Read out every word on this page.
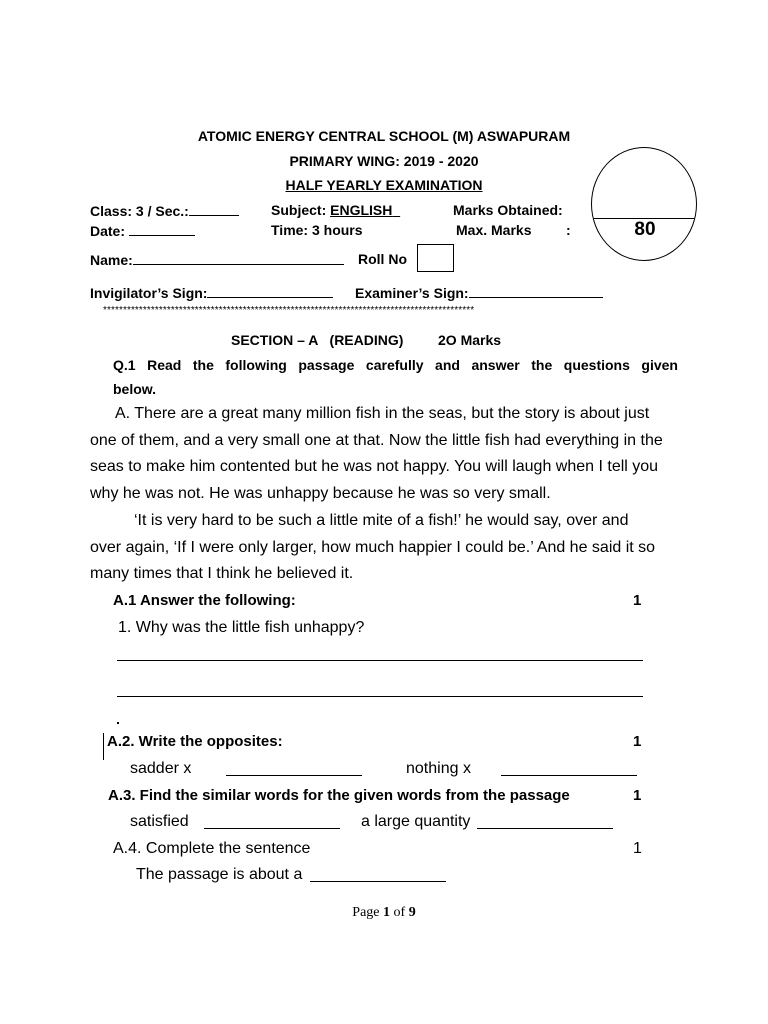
ATOMIC ENERGY CENTRAL SCHOOL (M) ASWAPURAM
PRIMARY WING: 2019 - 2020
HALF YEARLY EXAMINATION
80
Class: 3 / Sec.:	Subject: ENGLISH	Marks Obtained:
Date:	Time: 3 hours	Max. Marks :
Name:	Roll No
Invigilator’s Sign:	Examiner’s Sign:
*********************************************************************************************
SECTION – A   (READING) 2O Marks
Q.1 Read the following passage carefully and answer the questions given
below.
A. There are a great many million fish in the seas, but the story is about just
one of them, and a very small one at that. Now the little fish had everything in the
seas to make him contented but he was not happy. You will laugh when I tell you
why he was not. He was unhappy because he was so very small.
‘It is very hard to be such a little mite of a fish!’ he would say, over and
over again, ‘If I were only larger, how much happier I could be.’ And he said it so
many times that I think he believed it.
A.1 Answer the following:	1
1. Why was the little fish unhappy?
A.2. Write the opposites:	1
sadder x	nothing x
A.3. Find the similar words for the given words from the passage	1
satisfied	a large quantity
A.4. Complete the sentence	1
The passage is about a
Page 1 of 9
